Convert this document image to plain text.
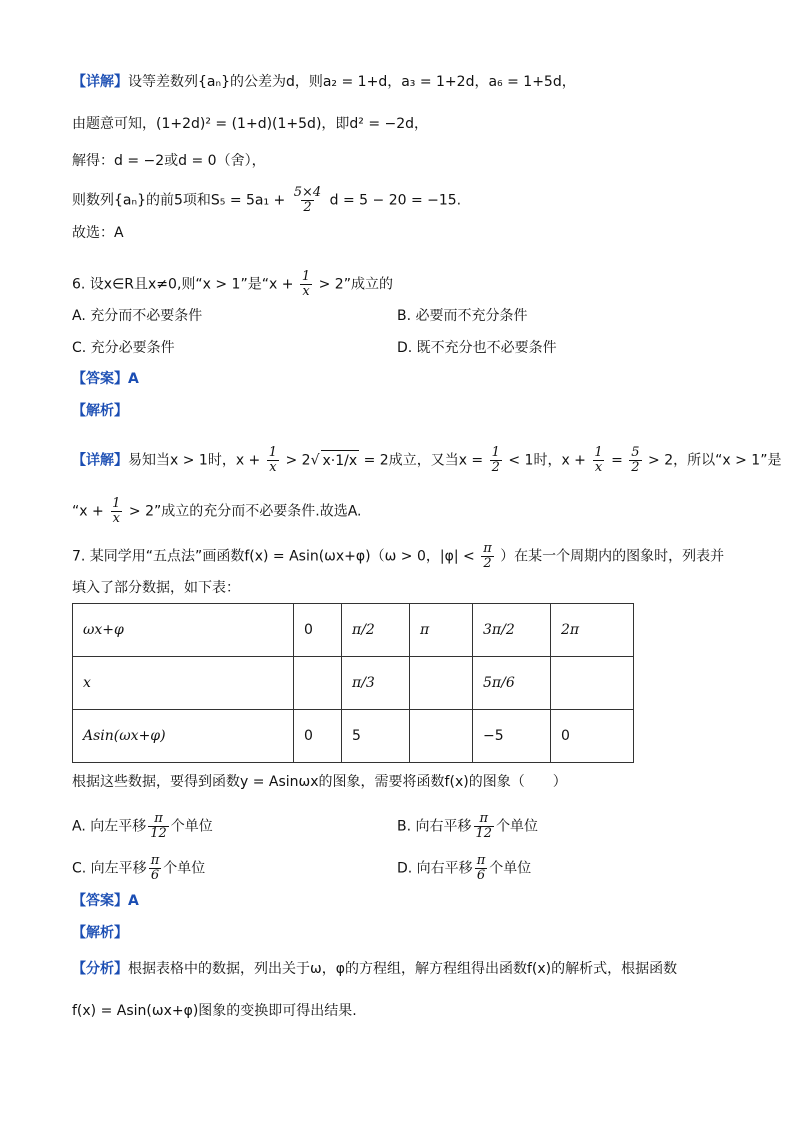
【详解】设等差数列{aₙ}的公差为d，则a₂ = 1+d，a₃ = 1+2d，a₆ = 1+5d，
由题意可知，(1+2d)² = (1+d)(1+5d)，即d² = −2d，
解得：d = −2或d = 0（舍），
则数列{aₙ}的前5项和$S_5 = 5a_1 + \frac{5\times 4}{2}$ d = 5 − 20 = −15.
故选：A
6. 设x∈R且x≠0,则“x > 1”是“$x + \frac{1}{x} > 2$”成立的
A. 充分而不必要条件	B. 必要而不充分条件
C. 充分必要条件	D. 既不充分也不必要条件
【答案】A
【解析】
【详解】易知当x > 1时，$x + \frac{1}{x} > 2√$ x·1/x = 2成立，又当$x = \frac{1}{2} < 1$时，$x + \frac{1}{x} = \frac{5}{2} > 2$，所以“x > 1”是
“$x + \frac{1}{x} > 2$”成立的充分而不必要条件.故选A.
7. 某同学用“五点法”画函数f(x) = Asin(ωx+φ)（ω > 0，$|\varphi| < \frac{\pi}{2}$ ）在某一个周期内的图象时，列表并
填入了部分数据，如下表：
ωx+φ	0	π/2	π	3π/2	2π
x		π/3		5π/6	
Asin(ωx+φ)	0	5		−5	0
根据这些数据，要得到函数y = Asinωx的图象，需要将函数f(x)的图象（　　）
A. 向左平移 $\frac{\pi}{12}$ 个单位	B. 向右平移 $\frac{\pi}{12}$ 个单位
C. 向左平移 $\frac{\pi}{6}$ 个单位	D. 向右平移 $\frac{\pi}{6}$ 个单位
【答案】A
【解析】
【分析】根据表格中的数据，列出关于ω，φ的方程组，解方程组得出函数f(x)的解析式，根据函数
f(x) = Asin(ωx+φ)图象的变换即可得出结果.
